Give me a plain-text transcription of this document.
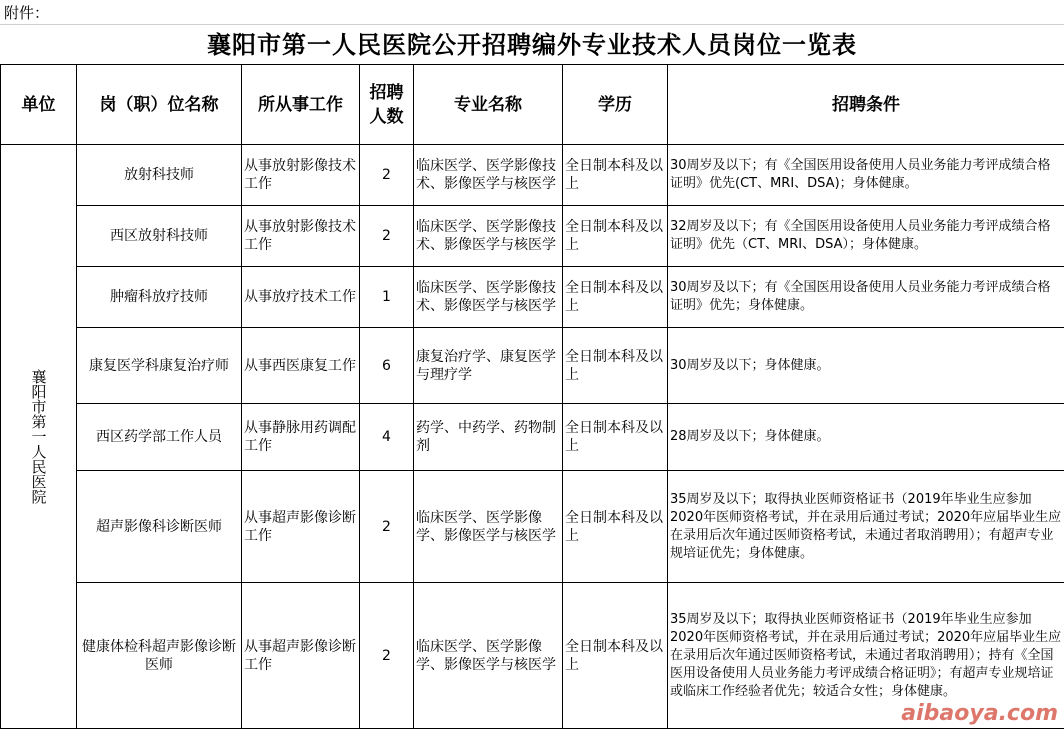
附件：
襄阳市第一人民医院公开招聘编外专业技术人员岗位一览表
单位	岗（职）位名称	所从事工作	招聘人数	专业名称	学历	招聘条件

襄阳市第一人民医院	放射科技师	从事放射影像技术工作	2	临床医学、医学影像技术、影像医学与核医学	全日制本科及以上	30周岁及以下；有《全国医用设备使用人员业务能力考评成绩合格证明》优先(CT、MRI、DSA)；身体健康。
	西区放射科技师	从事放射影像技术工作	2	临床医学、医学影像技术、影像医学与核医学	全日制本科及以上	32周岁及以下；有《全国医用设备使用人员业务能力考评成绩合格证明》优先（CT、MRI、DSA）；身体健康。
	肿瘤科放疗技师	从事放疗技术工作	1	临床医学、医学影像技术、影像医学与核医学	全日制本科及以上	30周岁及以下；有《全国医用设备使用人员业务能力考评成绩合格证明》优先；身体健康。
	康复医学科康复治疗师	从事西医康复工作	6	康复治疗学、康复医学与理疗学	全日制本科及以上	30周岁及以下；身体健康。
	西区药学部工作人员	从事静脉用药调配工作	4	药学、中药学、药物制剂	全日制本科及以上	28周岁及以下；身体健康。
	超声影像科诊断医师	从事超声影像诊断工作	2	临床医学、医学影像学、影像医学与核医学	全日制本科及以上	35周岁及以下；取得执业医师资格证书（2019年毕业生应参加2020年医师资格考试，并在录用后通过考试；2020年应届毕业生应在录用后次年通过医师资格考试，未通过者取消聘用）；有超声专业规培证优先；身体健康。
	健康体检科超声影像诊断医师	从事超声影像诊断工作	2	临床医学、医学影像学、影像医学与核医学	全日制本科及以上	35周岁及以下；取得执业医师资格证书（2019年毕业生应参加2020年医师资格考试，并在录用后通过考试；2020年应届毕业生应在录用后次年通过医师资格考试，未通过者取消聘用）；持有《全国医用设备使用人员业务能力考评成绩合格证明》；有超声专业规培证或临床工作经验者优先；较适合女性；身体健康。
aibaoya.com
